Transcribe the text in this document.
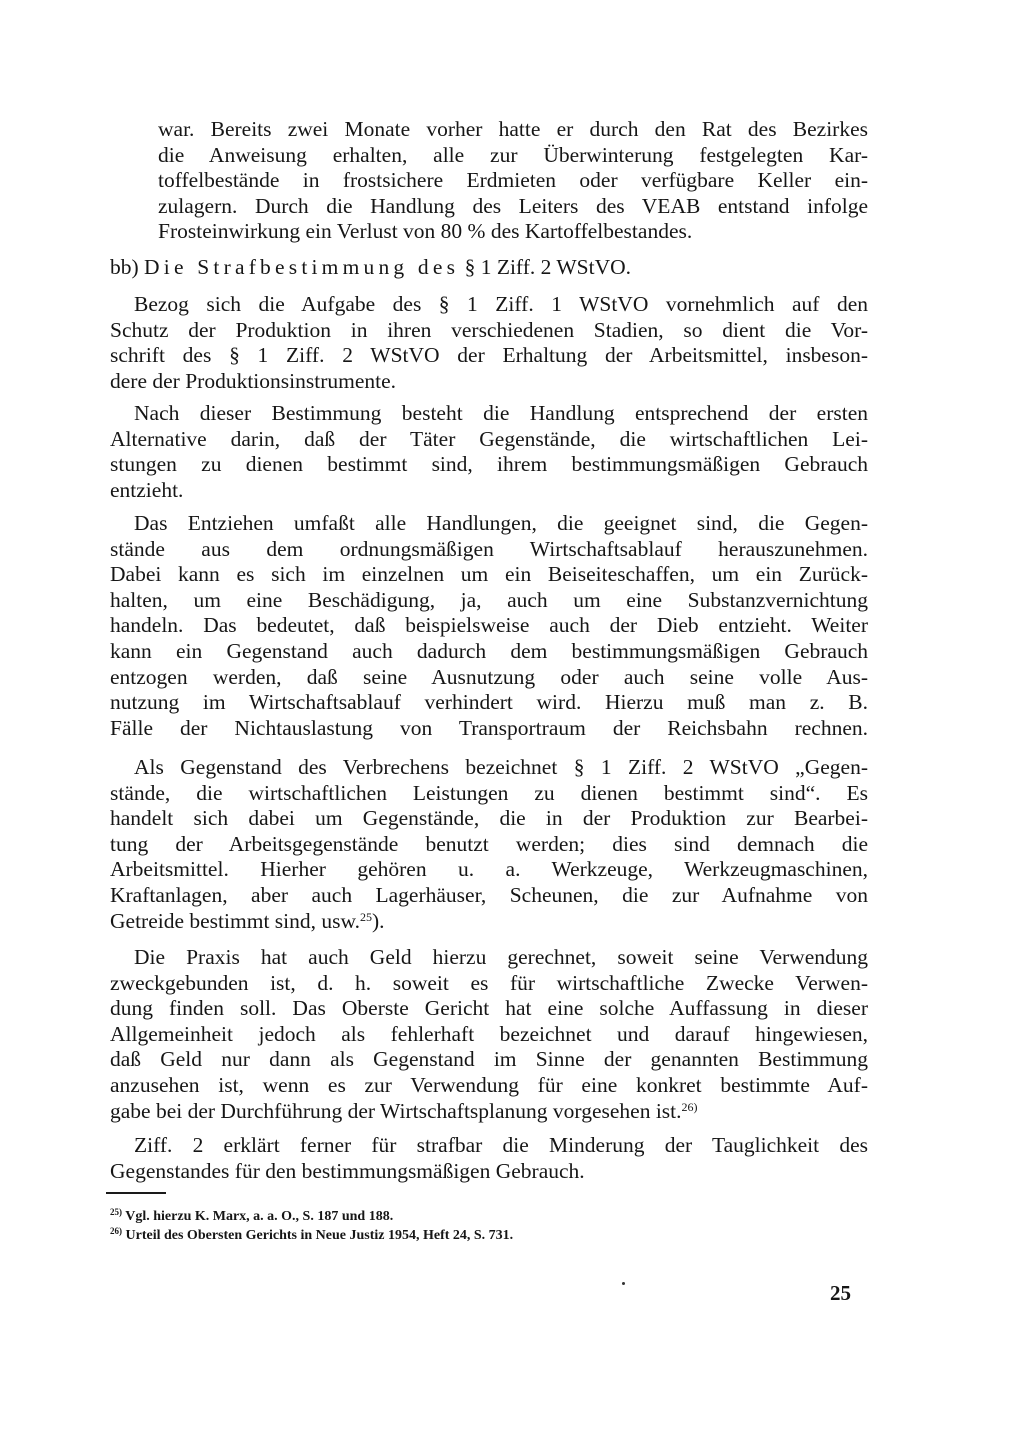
war. Bereits zwei Monate vorher hatte er durch den Rat des Bezirkes
die Anweisung erhalten, alle zur Überwinterung festgelegten Kar-
toffelbestände in frostsichere Erdmieten oder verfügbare Keller ein-
zulagern. Durch die Handlung des Leiters des VEAB entstand infolge
Frosteinwirkung ein Verlust von 80 % des Kartoffelbestandes.
bb) Die Strafbestimmung des § 1 Ziff. 2 WStVO.
Bezog sich die Aufgabe des § 1 Ziff. 1 WStVO vornehmlich auf den
Schutz der Produktion in ihren verschiedenen Stadien, so dient die Vor-
schrift des § 1 Ziff. 2 WStVO der Erhaltung der Arbeitsmittel, insbeson-
dere der Produktionsinstrumente.
Nach dieser Bestimmung besteht die Handlung entsprechend der ersten
Alternative darin, daß der Täter Gegenstände, die wirtschaftlichen Lei-
stungen zu dienen bestimmt sind, ihrem bestimmungsmäßigen Gebrauch
entzieht.
Das Entziehen umfaßt alle Handlungen, die geeignet sind, die Gegen-
stände aus dem ordnungsmäßigen Wirtschaftsablauf herauszunehmen.
Dabei kann es sich im einzelnen um ein Beiseiteschaffen, um ein Zurück-
halten, um eine Beschädigung, ja, auch um eine Substanzvernichtung
handeln. Das bedeutet, daß beispielsweise auch der Dieb entzieht. Weiter
kann ein Gegenstand auch dadurch dem bestimmungsmäßigen Gebrauch
entzogen werden, daß seine Ausnutzung oder auch seine volle Aus-
nutzung im Wirtschaftsablauf verhindert wird. Hierzu muß man z. B.
Fälle der Nichtauslastung von Transportraum der Reichsbahn rechnen.
Als Gegenstand des Verbrechens bezeichnet § 1 Ziff. 2 WStVO „Gegen-
stände, die wirtschaftlichen Leistungen zu dienen bestimmt sind“. Es
handelt sich dabei um Gegenstände, die in der Produktion zur Bearbei-
tung der Arbeitsgegenstände benutzt werden; dies sind demnach die
Arbeitsmittel. Hierher gehören u. a. Werkzeuge, Werkzeugmaschinen,
Kraftanlagen, aber auch Lagerhäuser, Scheunen, die zur Aufnahme von
Getreide bestimmt sind, usw.$^{25}$).
Die Praxis hat auch Geld hierzu gerechnet, soweit seine Verwendung
zweckgebunden ist, d. h. soweit es für wirtschaftliche Zwecke Verwen-
dung finden soll. Das Oberste Gericht hat eine solche Auffassung in dieser
Allgemeinheit jedoch als fehlerhaft bezeichnet und darauf hingewiesen,
daß Geld nur dann als Gegenstand im Sinne der genannten Bestimmung
anzusehen ist, wenn es zur Verwendung für eine konkret bestimmte Auf-
gabe bei der Durchführung der Wirtschaftsplanung vorgesehen ist.$^{26)}$
Ziff. 2 erklärt ferner für strafbar die Minderung der Tauglichkeit des
Gegenstandes für den bestimmungsmäßigen Gebrauch.
$^{25)}$ Vgl. hierzu K. Marx, a. a. O., S. 187 und 188.
$^{26)}$ Urteil des Obersten Gerichts in Neue Justiz 1954, Heft 24, S. 731.
25
